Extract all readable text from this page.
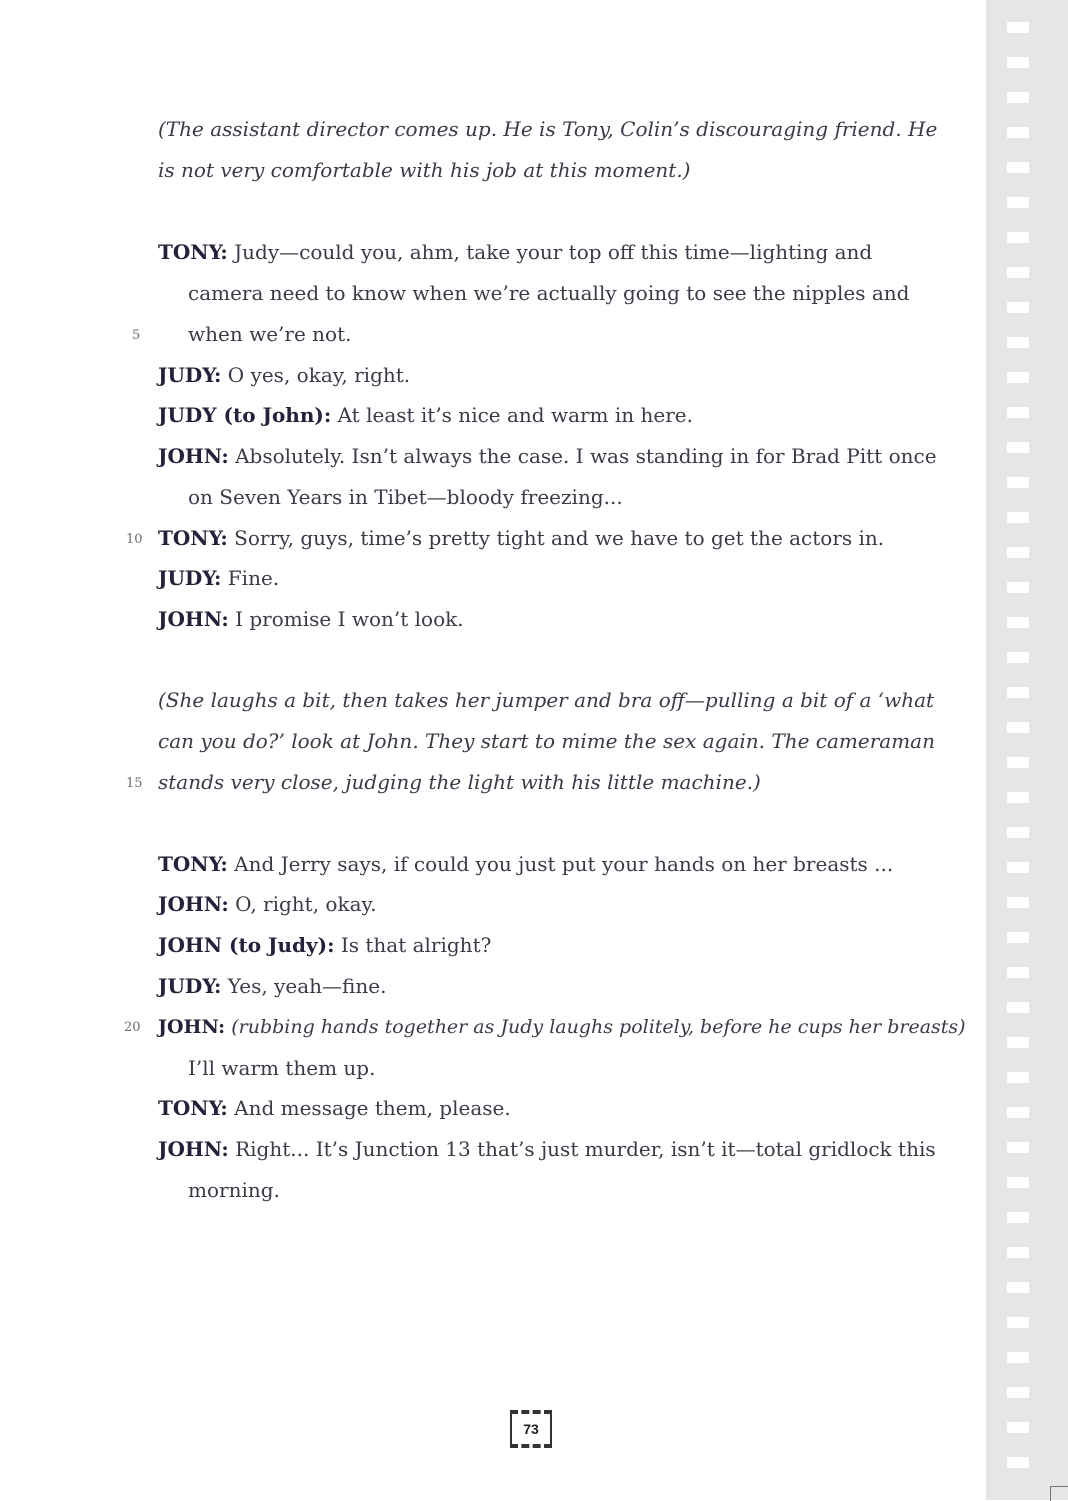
(The assistant director comes up. He is Tony, Colin’s discouraging friend. He is not very comfortable with his job at this moment.)
TONY: Judy—could you, ahm, take your top off this time—lighting and camera need to know when we’re actually going to see the nipples and when we’re not.
5
JUDY: O yes, okay, right.
JUDY (to John): At least it’s nice and warm in here.
JOHN: Absolutely. Isn’t always the case. I was standing in for Brad Pitt once on Seven Years in Tibet—bloody freezing...
10 TONY: Sorry, guys, time’s pretty tight and we have to get the actors in.
JUDY: Fine.
JOHN: I promise I won’t look.
(She laughs a bit, then takes her jumper and bra off—pulling a bit of a ‘what can you do?’ look at John. They start to mime the sex again. The cameraman stands very close, judging the light with his little machine.)
15
TONY: And Jerry says, if could you just put your hands on her breasts ...
JOHN: O, right, okay.
JOHN (to Judy): Is that alright?
JUDY: Yes, yeah—fine.
20 JOHN: (rubbing hands together as Judy laughs politely, before he cups her breasts)
I’ll warm them up.
TONY: And message them, please.
JOHN: Right... It’s Junction 13 that’s just murder, isn’t it—total gridlock this morning.
73
